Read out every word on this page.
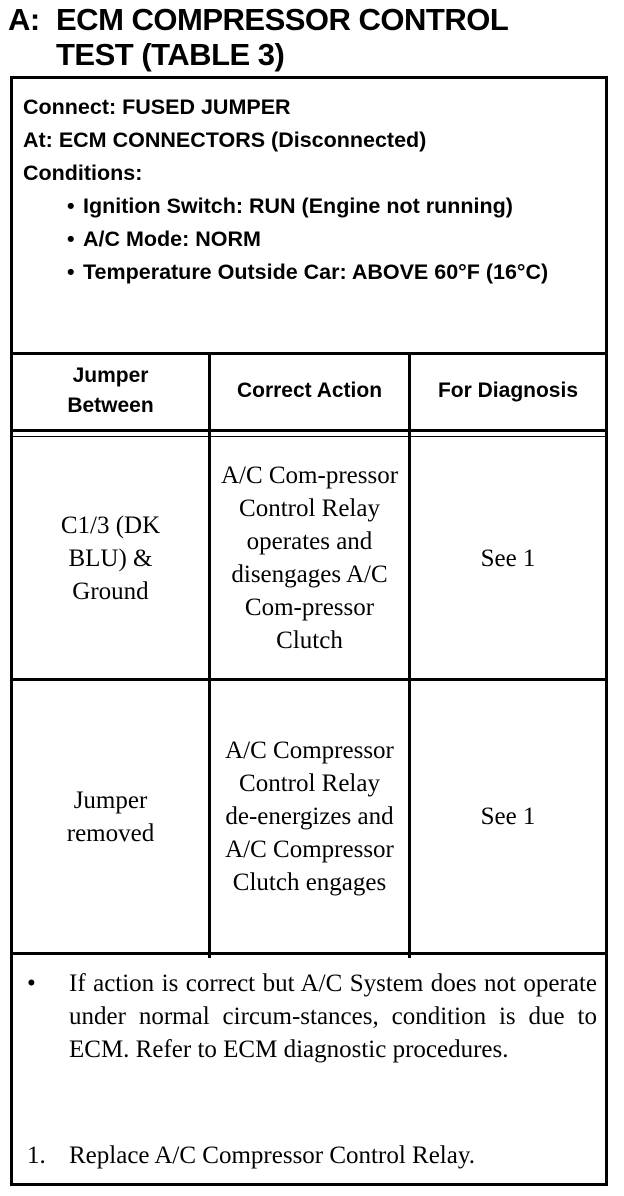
A: ECM COMPRESSOR CONTROL
TEST (TABLE 3)
Connect: FUSED JUMPER
At: ECM CONNECTORS (Disconnected)
Conditions:
• Ignition Switch: RUN (Engine not running)
• A/C Mode: NORM
• Temperature Outside Car: ABOVE 60°F (16°C)
Jumper Between
Correct Action	For Diagnosis
C1/3 (DK BLU) & Ground
A/C Com-pressor Control Relay operates and disengages A/C Com-pressor Clutch
See 1
Jumper removed
A/C Compressor Control Relay de-energizes and A/C Compressor Clutch engages
See 1
•	If action is correct but A/C System does not operate under normal circum-stances, condition is due to ECM. Refer to ECM diagnostic procedures.
1. Replace A/C Compressor Control Relay.
